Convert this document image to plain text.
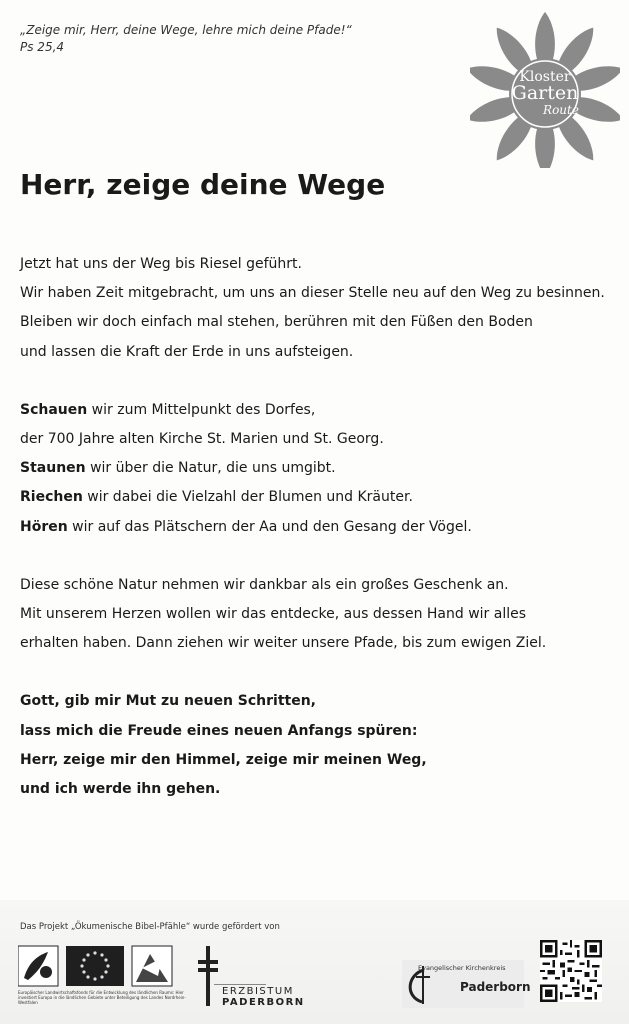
„Zeige mir, Herr, deine Wege, lehre mich deine Pfade!“
Ps 25,4
Kloster
Garten
Route
Herr, zeige deine Wege
Jetzt hat uns der Weg bis Riesel geführt.
Wir haben Zeit mitgebracht, um uns an dieser Stelle neu auf den Weg zu besinnen.
Bleiben wir doch einfach mal stehen, berühren mit den Füßen den Boden
und lassen die Kraft der Erde in uns aufsteigen.
Schauen wir zum Mittelpunkt des Dorfes,
der 700 Jahre alten Kirche St. Marien und St. Georg.
Staunen wir über die Natur, die uns umgibt.
Riechen wir dabei die Vielzahl der Blumen und Kräuter.
Hören wir auf das Plätschern der Aa und den Gesang der Vögel.
Diese schöne Natur nehmen wir dankbar als ein großes Geschenk an.
Mit unserem Herzen wollen wir das entdecke, aus dessen Hand wir alles
erhalten haben. Dann ziehen wir weiter unsere Pfade, bis zum ewigen Ziel.
Gott, gib mir Mut zu neuen Schritten,
lass mich die Freude eines neuen Anfangs spüren:
Herr, zeige mir den Himmel, zeige mir meinen Weg,
und ich werde ihn gehen.
Das Projekt „Ökumenische Bibel-Pfähle“ wurde gefördert von
Europäischer Landwirtschaftsfonds für die Entwicklung des ländlichen Raums: Hier investiert Europa in die ländlichen Gebiete unter Beteiligung des Landes Nordrhein-Westfalen
ERZBISTUM
PADERBORN
Evangelischer Kirchenkreis
Paderborn
